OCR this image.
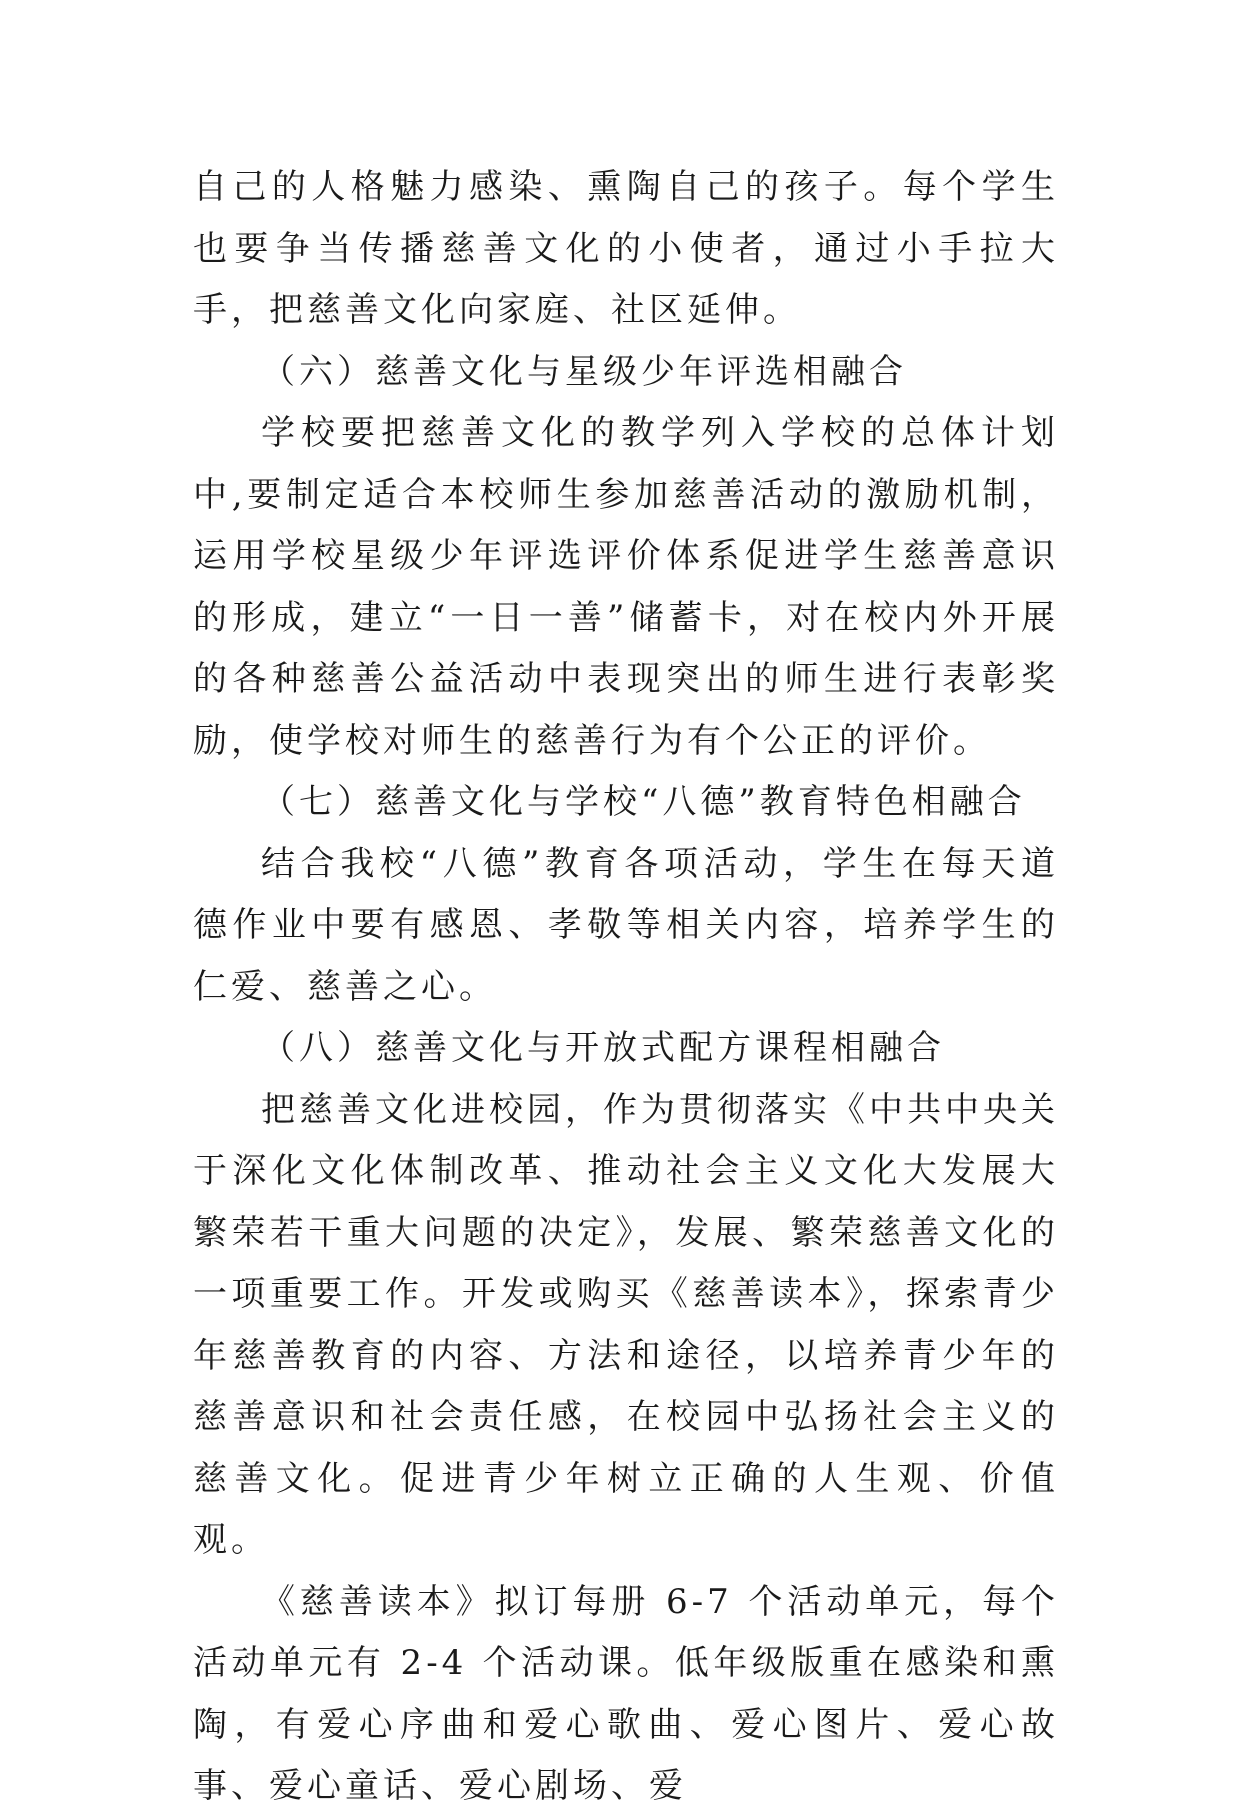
自己的人格魅力感染、熏陶自己的孩子。每个学生也要争当传播慈善文化的小使者，通过小手拉大手，把慈善文化向家庭、社区延伸。

（六）慈善文化与星级少年评选相融合

学校要把慈善文化的教学列入学校的总体计划中,要制定适合本校师生参加慈善活动的激励机制，运用学校星级少年评选评价体系促进学生慈善意识的形成，建立“一日一善”储蓄卡，对在校内外开展的各种慈善公益活动中表现突出的师生进行表彰奖励，使学校对师生的慈善行为有个公正的评价。

（七）慈善文化与学校“八德”教育特色相融合

结合我校“八德”教育各项活动，学生在每天道德作业中要有感恩、孝敬等相关内容，培养学生的仁爱、慈善之心。

（八）慈善文化与开放式配方课程相融合

把慈善文化进校园，作为贯彻落实《中共中央关于深化文化体制改革、推动社会主义文化大发展大繁荣若干重大问题的决定》，发展、繁荣慈善文化的一项重要工作。开发或购买《慈善读本》，探索青少年慈善教育的内容、方法和途径，以培养青少年的慈善意识和社会责任感，在校园中弘扬社会主义的慈善文化。促进青少年树立正确的人生观、价值观。

《慈善读本》拟订每册 6-7 个活动单元，每个活动单元有 2-4 个活动课。低年级版重在感染和熏陶，有爱心序曲和爱心歌曲、爱心图片、爱心故事、爱心童话、爱心剧场、爱
